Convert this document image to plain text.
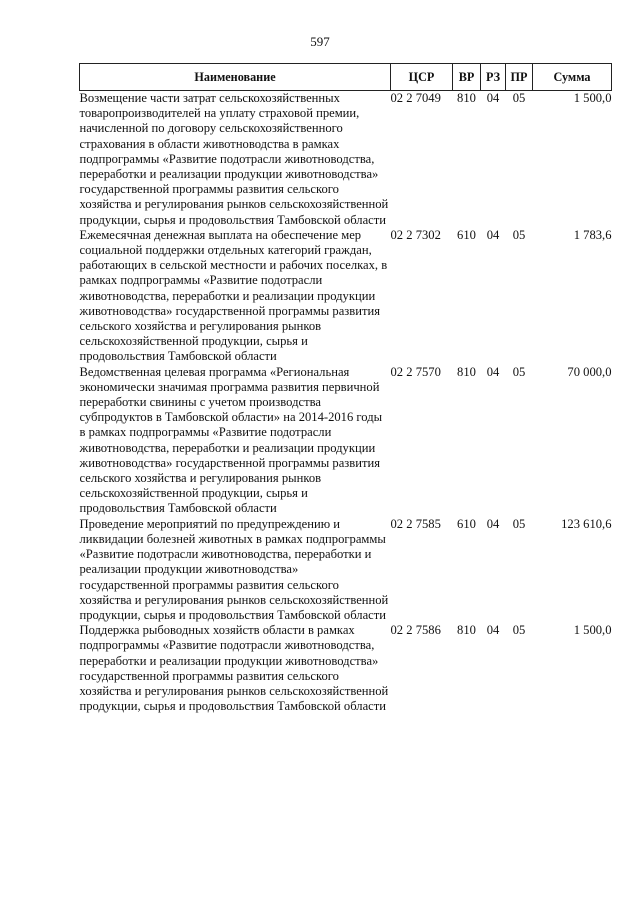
597
Наименование	ЦСР	ВР	РЗ	ПР	Сумма
Возмещение части затрат сельскохозяйственных товаропроизводителей на уплату страховой премии, начисленной по договору сельскохозяйственного страхования в области животноводства в рамках подпрограммы «Развитие подотрасли животноводства, переработки и реализации продукции животноводства» государственной программы развития сельского хозяйства и регулирования рынков сельскохозяйственной продукции, сырья и продовольствия Тамбовской области	02 2 7049	810	04	05	1 500,0
Ежемесячная денежная выплата на обеспечение мер социальной поддержки отдельных категорий граждан, работающих в сельской местности и рабочих поселках, в рамках подпрограммы «Развитие подотрасли животноводства, переработки и реализации продукции животноводства» государственной программы развития сельского хозяйства и регулирования рынков сельскохозяйственной продукции, сырья и продовольствия Тамбовской области	02 2 7302	610	04	05	1 783,6
Ведомственная целевая программа «Региональная экономически значимая программа развития первичной переработки свинины с учетом производства субпродуктов в Тамбовской области» на 2014-2016 годы в рамках подпрограммы «Развитие подотрасли животноводства, переработки и реализации продукции животноводства» государственной программы развития сельского хозяйства и регулирования рынков сельскохозяйственной продукции, сырья и продовольствия Тамбовской области	02 2 7570	810	04	05	70 000,0
Проведение мероприятий по предупреждению и ликвидации болезней животных в рамках подпрограммы «Развитие подотрасли животноводства, переработки и реализации продукции животноводства» государственной программы развития сельского хозяйства и регулирования рынков сельскохозяйственной продукции, сырья и продовольствия Тамбовской области	02 2 7585	610	04	05	123 610,6
Поддержка рыбоводных хозяйств области в рамках подпрограммы «Развитие подотрасли животноводства, переработки и реализации продукции животноводства» государственной программы развития сельского хозяйства и регулирования рынков сельскохозяйственной продукции, сырья и продовольствия Тамбовской области	02 2 7586	810	04	05	1 500,0
